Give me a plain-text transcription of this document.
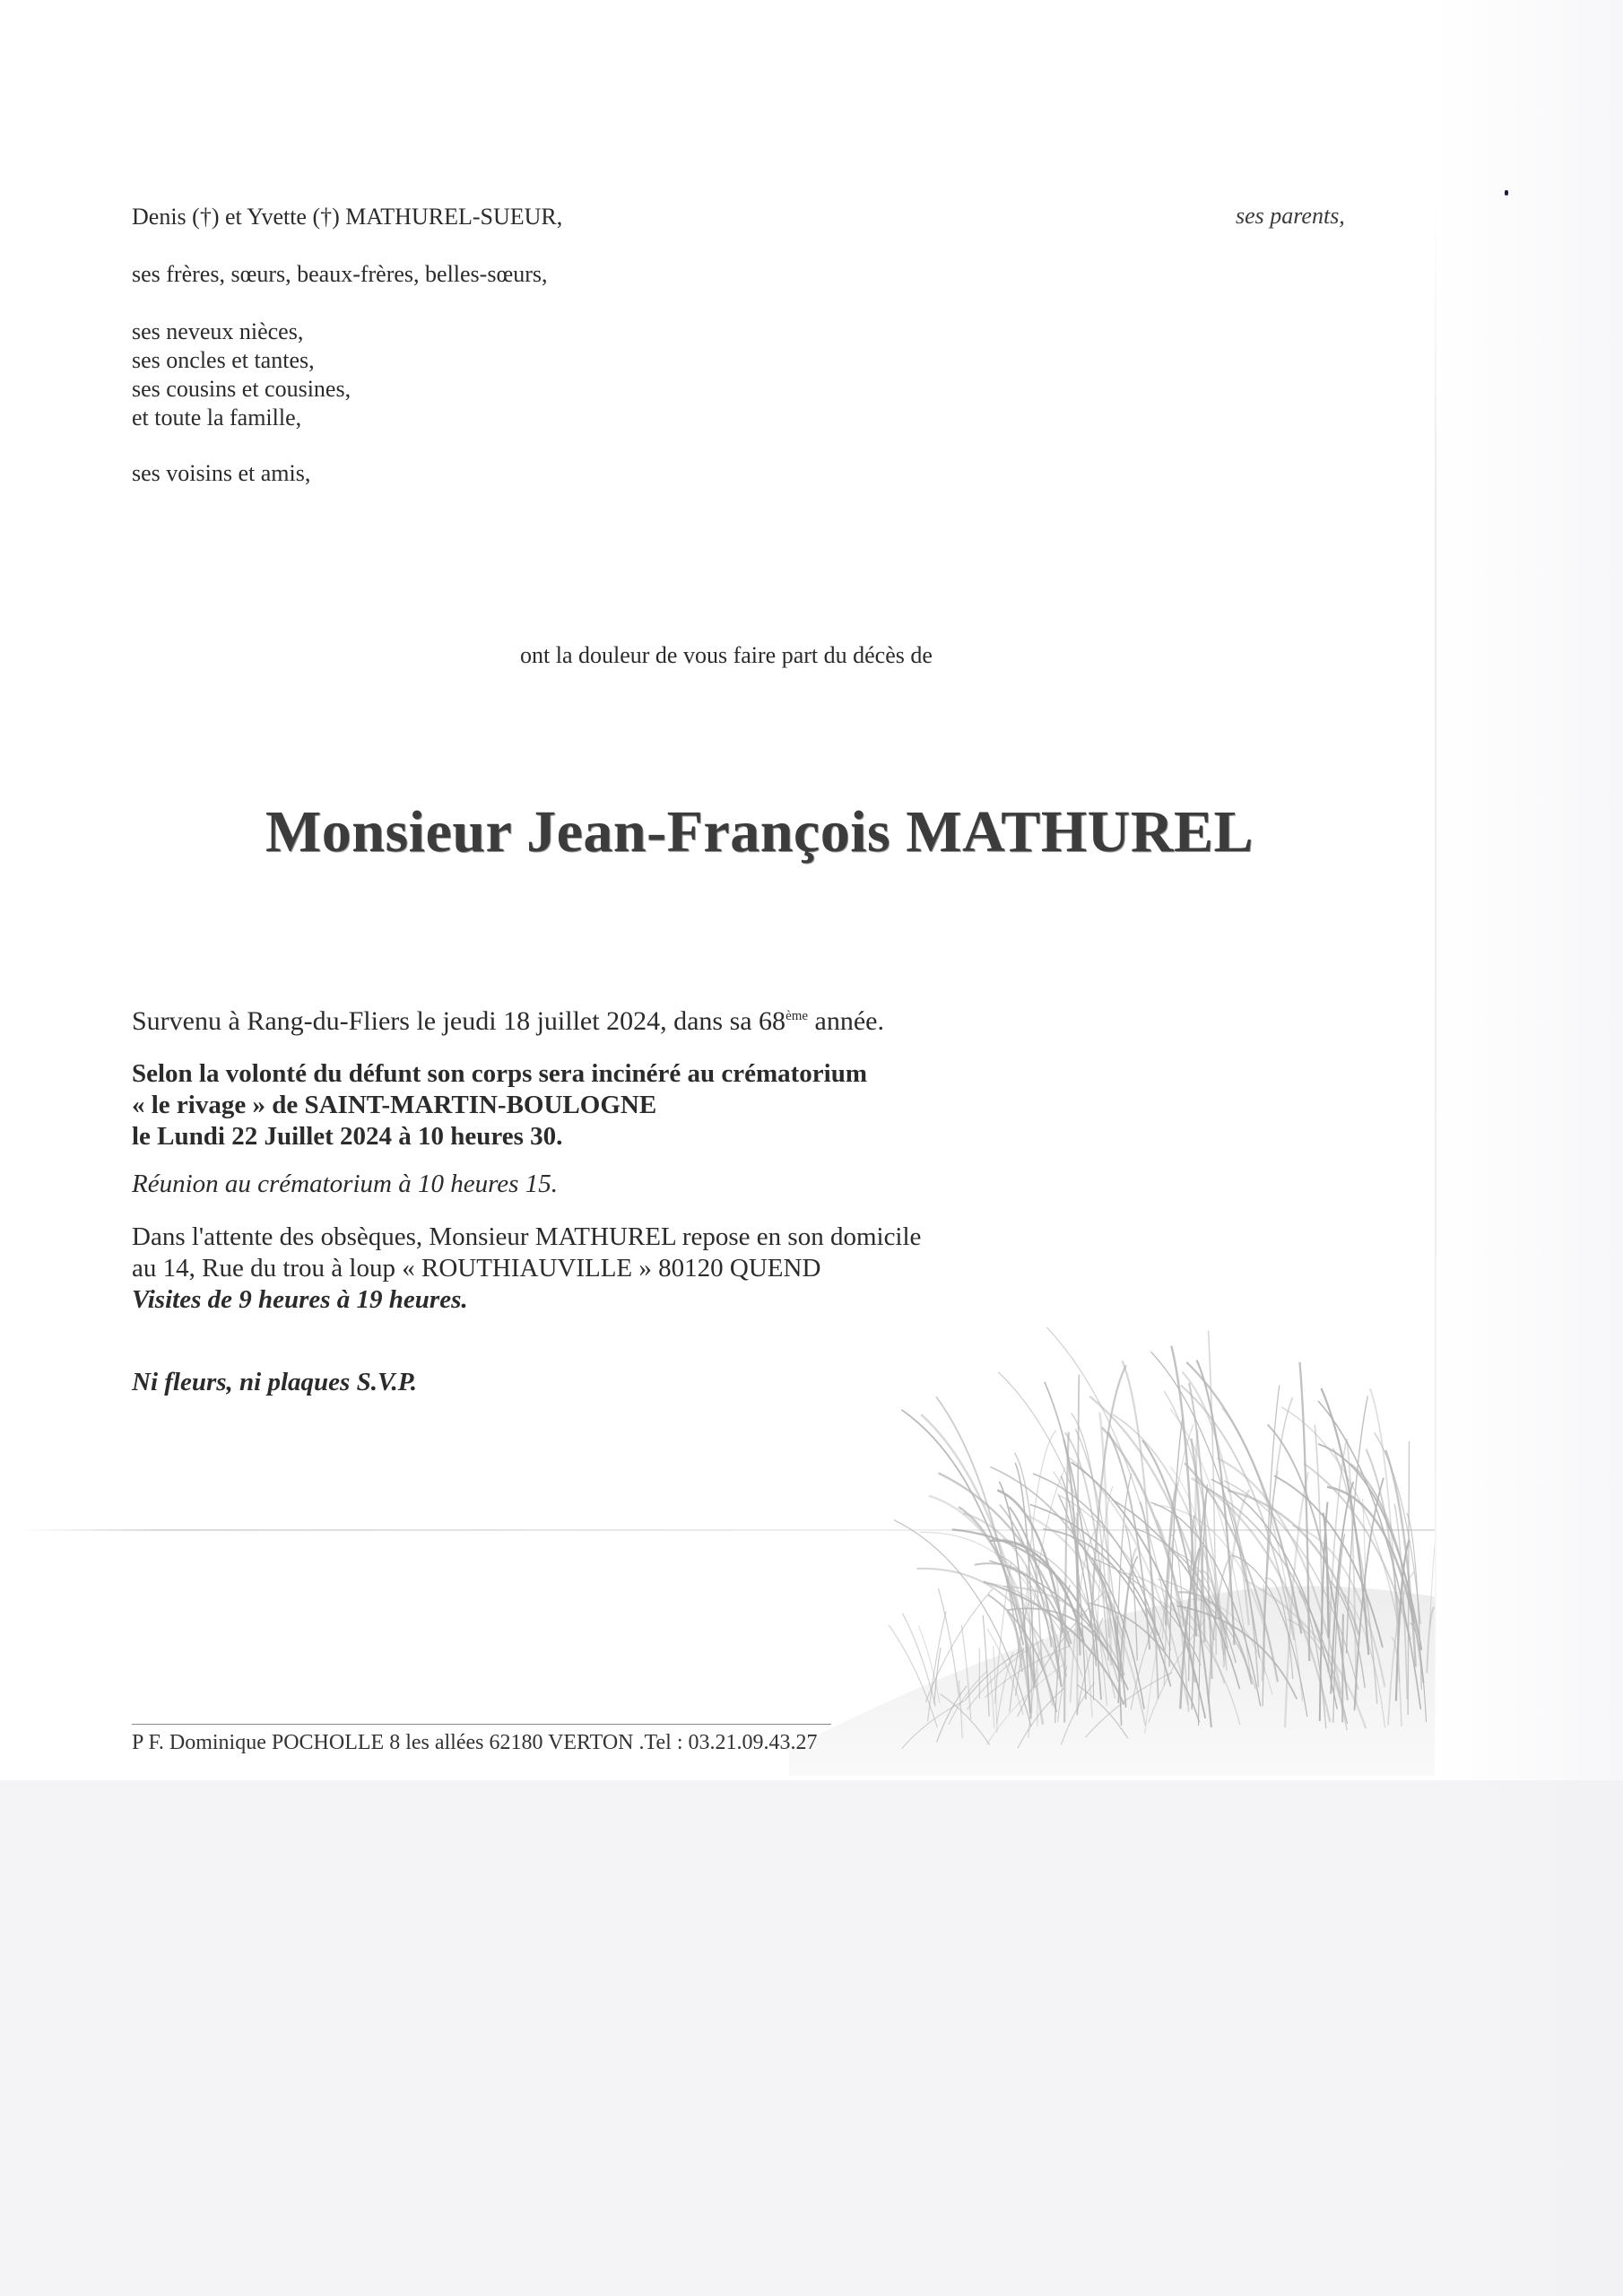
Denis (†) et Yvette (†) MATHUREL-SUEUR,	ses parents,
ses frères, sœurs, beaux-frères, belles-sœurs,
ses neveux nièces,
ses oncles et tantes,
ses cousins et cousines,
et toute la famille,
ses voisins et amis,
ont la douleur de vous faire part du décès de
Monsieur Jean-François MATHUREL
Survenu à Rang-du-Fliers le jeudi 18 juillet 2024, dans sa 68ème année.
Selon la volonté du défunt son corps sera incinéré au crématorium
« le rivage » de SAINT-MARTIN-BOULOGNE
le Lundi 22 Juillet 2024 à 10 heures 30.
Réunion au crématorium à 10 heures 15.
Dans l'attente des obsèques, Monsieur MATHUREL repose en son domicile
au 14, Rue du trou à loup « ROUTHIAUVILLE » 80120 QUEND
Visites de 9 heures à 19 heures.
Ni fleurs, ni plaques S.V.P.
P F. Dominique POCHOLLE 8 les allées 62180 VERTON .Tel : 03.21.09.43.27
